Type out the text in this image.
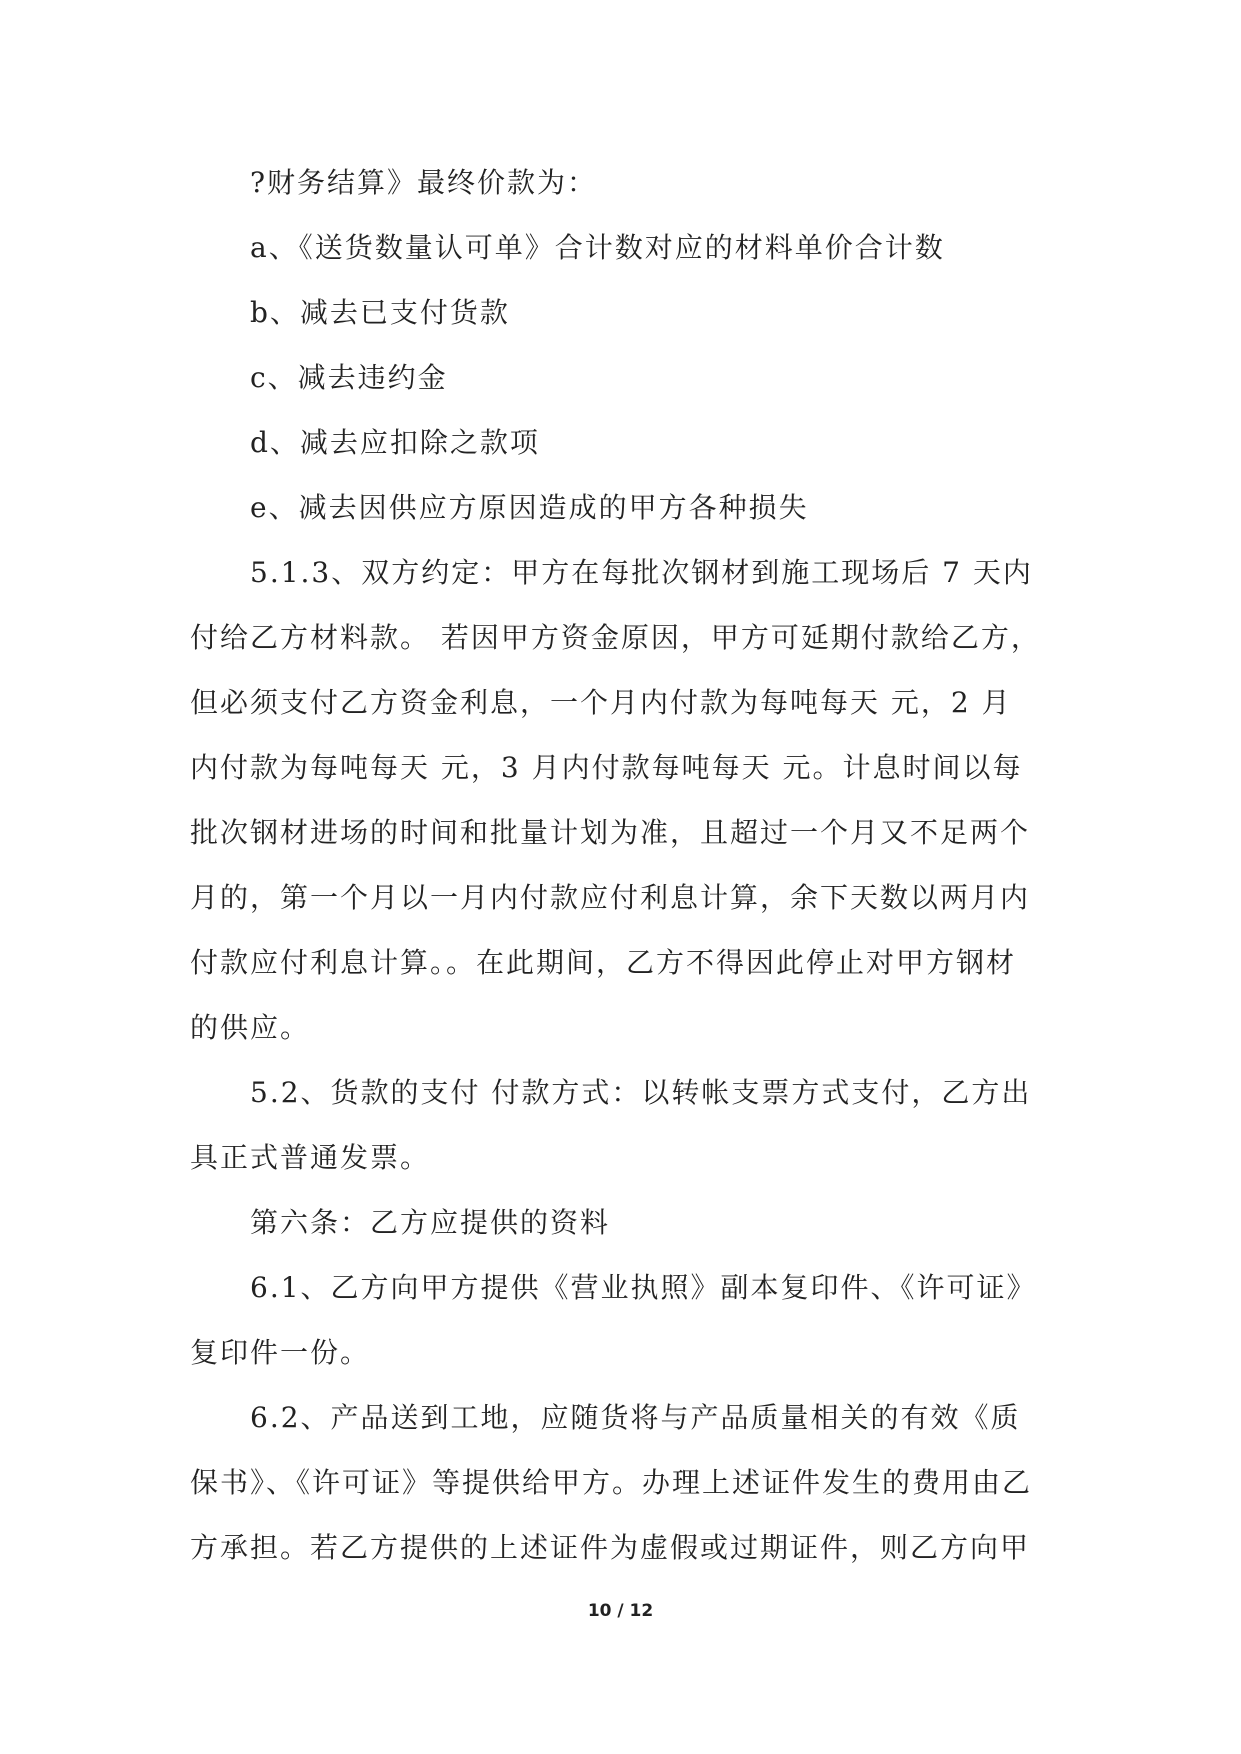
?财务结算》最终价款为：
a、《送货数量认可单》合计数对应的材料单价合计数
b、减去已支付货款
c、减去违约金
d、减去应扣除之款项
e、减去因供应方原因造成的甲方各种损失
5.1.3、双方约定：甲方在每批次钢材到施工现场后 7 天内
付给乙方材料款。 若因甲方资金原因，甲方可延期付款给乙方，
但必须支付乙方资金利息，一个月内付款为每吨每天 元，2 月
内付款为每吨每天 元，3 月内付款每吨每天 元。计息时间以每
批次钢材进场的时间和批量计划为准，且超过一个月又不足两个
月的，第一个月以一月内付款应付利息计算，余下天数以两月内
付款应付利息计算。。在此期间，乙方不得因此停止对甲方钢材
的供应。
5.2、货款的支付 付款方式：以转帐支票方式支付，乙方出
具正式普通发票。
第六条：乙方应提供的资料
6.1、乙方向甲方提供《营业执照》副本复印件、《许可证》
复印件一份。
6.2、产品送到工地，应随货将与产品质量相关的有效《质
保书》、《许可证》等提供给甲方。办理上述证件发生的费用由乙
方承担。若乙方提供的上述证件为虚假或过期证件，则乙方向甲
10 / 12
